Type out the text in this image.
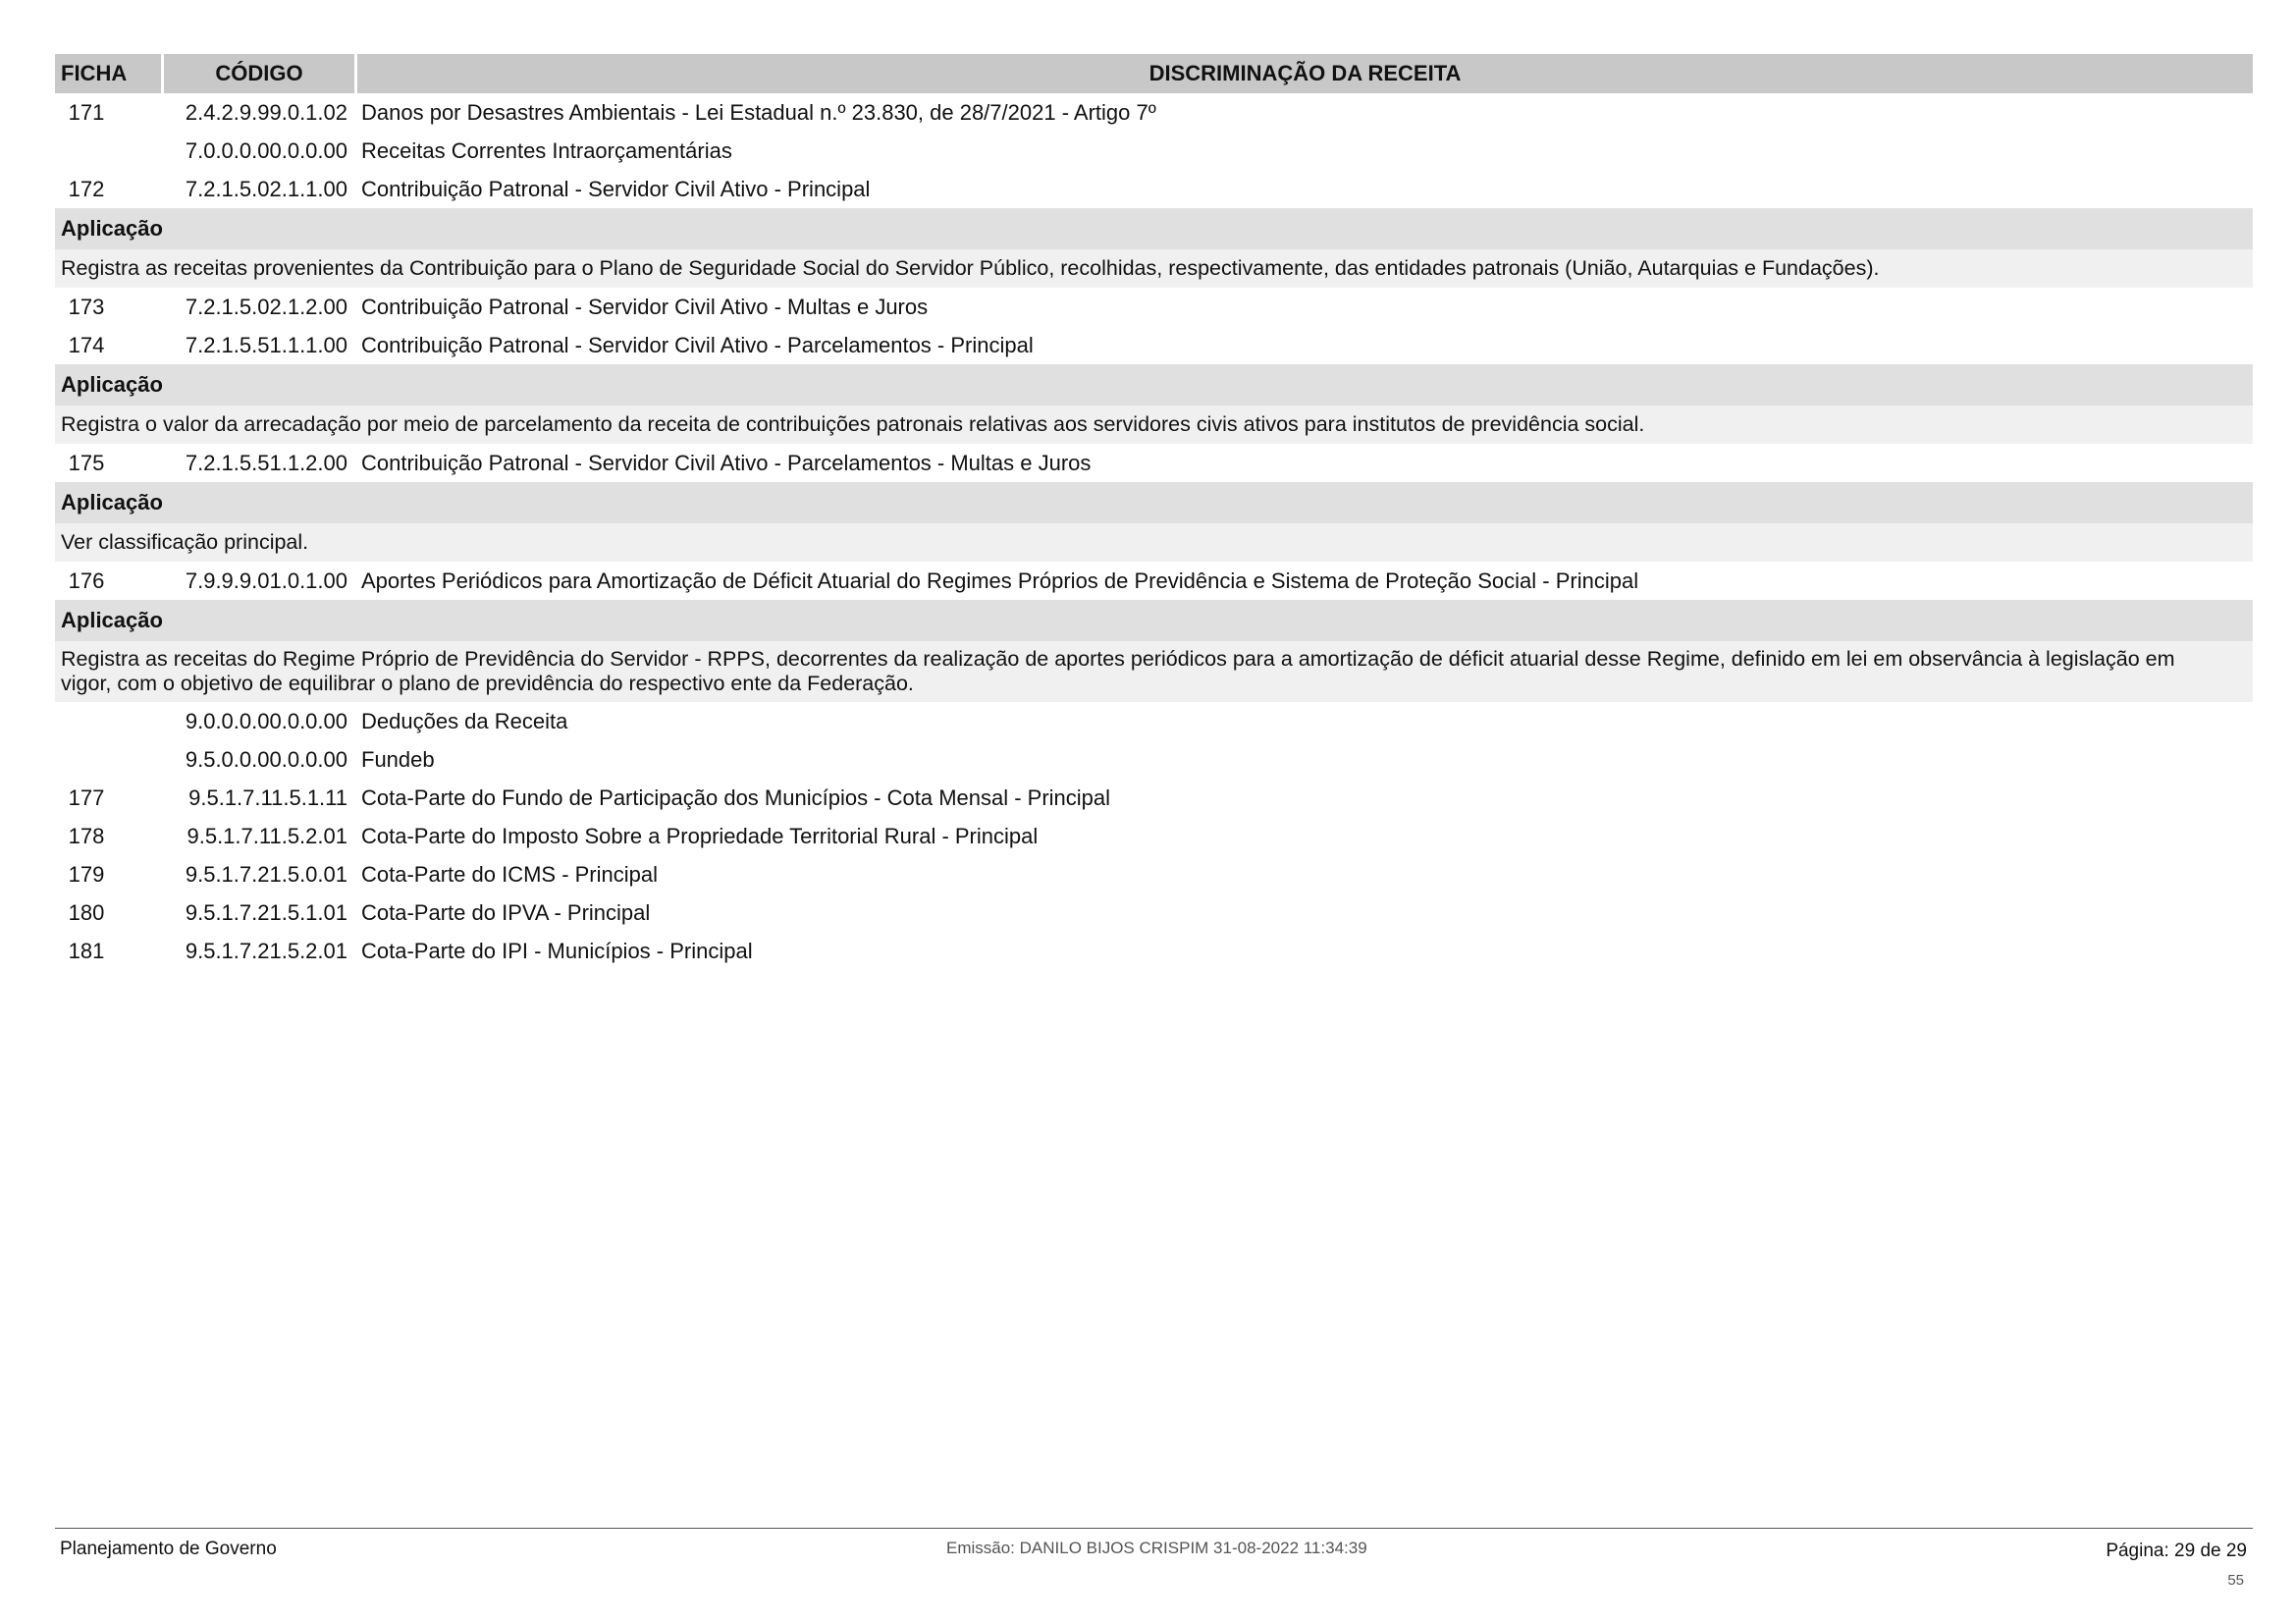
FICHA	CÓDIGO	DISCRIMINAÇÃO DA RECEITA
171	2.4.2.9.99.0.1.02 Danos por Desastres Ambientais - Lei Estadual n.º 23.830, de 28/7/2021 - Artigo 7º
7.0.0.0.00.0.0.00 Receitas Correntes Intraorçamentárias
172	7.2.1.5.02.1.1.00 Contribuição Patronal - Servidor Civil Ativo - Principal
Aplicação
Registra as receitas provenientes da Contribuição para o Plano de Seguridade Social do Servidor Público, recolhidas, respectivamente, das entidades patronais (União, Autarquias e Fundações).
173	7.2.1.5.02.1.2.00 Contribuição Patronal - Servidor Civil Ativo - Multas e Juros
174	7.2.1.5.51.1.1.00 Contribuição Patronal - Servidor Civil Ativo - Parcelamentos - Principal
Aplicação
Registra o valor da arrecadação por meio de parcelamento da receita de contribuições patronais relativas aos servidores civis ativos para institutos de previdência social.
175	7.2.1.5.51.1.2.00 Contribuição Patronal - Servidor Civil Ativo - Parcelamentos - Multas e Juros
Aplicação
Ver classificação principal.
176	7.9.9.9.01.0.1.00 Aportes Periódicos para Amortização de Déficit Atuarial do Regimes Próprios de Previdência e Sistema de Proteção Social - Principal
Aplicação
Registra as receitas do Regime Próprio de Previdência do Servidor - RPPS, decorrentes da realização de aportes periódicos para a amortização de déficit atuarial desse Regime, definido em lei em observância à legislação em vigor, com o objetivo de equilibrar o plano de previdência do respectivo ente da Federação.
9.0.0.0.00.0.0.00 Deduções da Receita
9.5.0.0.00.0.0.00 Fundeb
177	9.5.1.7.11.5.1.11 Cota-Parte do Fundo de Participação dos Municípios - Cota Mensal - Principal
178	9.5.1.7.11.5.2.01 Cota-Parte do Imposto Sobre a Propriedade Territorial Rural - Principal
179	9.5.1.7.21.5.0.01 Cota-Parte do ICMS - Principal
180	9.5.1.7.21.5.1.01 Cota-Parte do IPVA - Principal
181	9.5.1.7.21.5.2.01 Cota-Parte do IPI - Municípios - Principal
Planejamento de Governo	Emissão: DANILO BIJOS CRISPIM 31-08-2022 11:34:39	Página: 29 de 29
55
